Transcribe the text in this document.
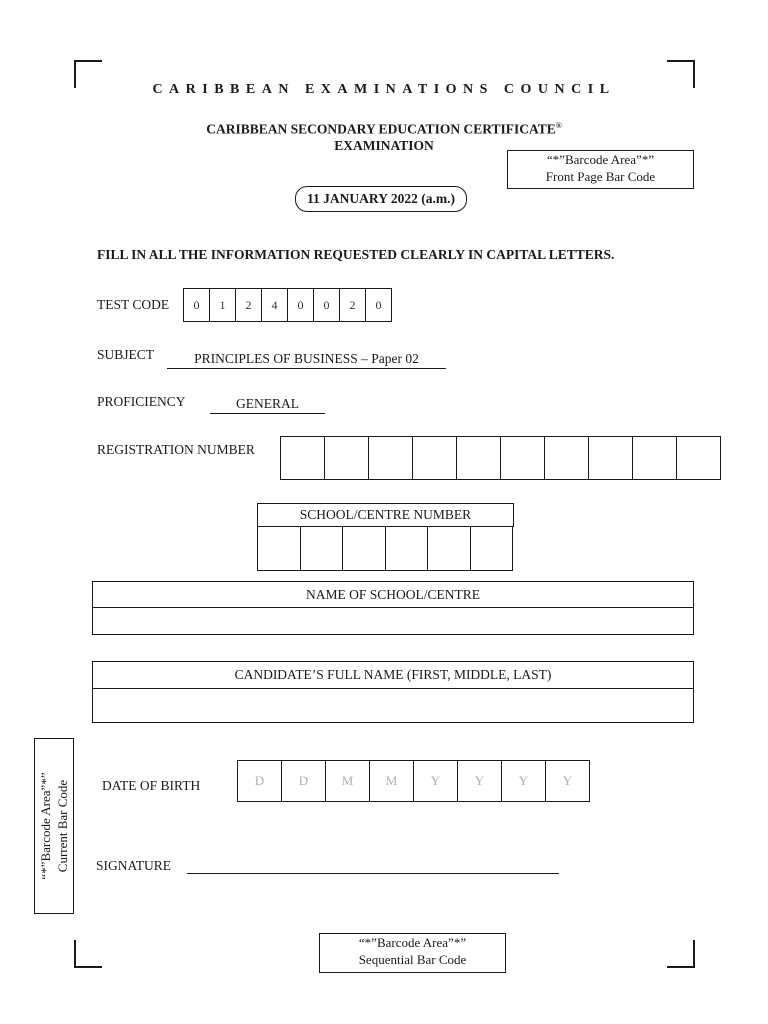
CARIBBEAN EXAMINATIONS COUNCIL
CARIBBEAN SECONDARY EDUCATION CERTIFICATE®
EXAMINATION
“*”Barcode Area”*”
Front Page Bar Code
11 JANUARY 2022 (a.m.)
FILL IN ALL THE INFORMATION REQUESTED CLEARLY IN CAPITAL LETTERS.
TEST CODE	0	1	2	4	0	0	2	0
SUBJECT	PRINCIPLES OF BUSINESS – Paper 02
PROFICIENCY	GENERAL
REGISTRATION NUMBER
SCHOOL/CENTRE NUMBER
NAME OF SCHOOL/CENTRE
CANDIDATE’S FULL NAME (FIRST, MIDDLE, LAST)
“*”Barcode Area”*” Current Bar Code DATE OF BIRTH	D	D	M	M	Y	Y	Y	Y
SIGNATURE
“*”Barcode Area”*”
Sequential Bar Code
